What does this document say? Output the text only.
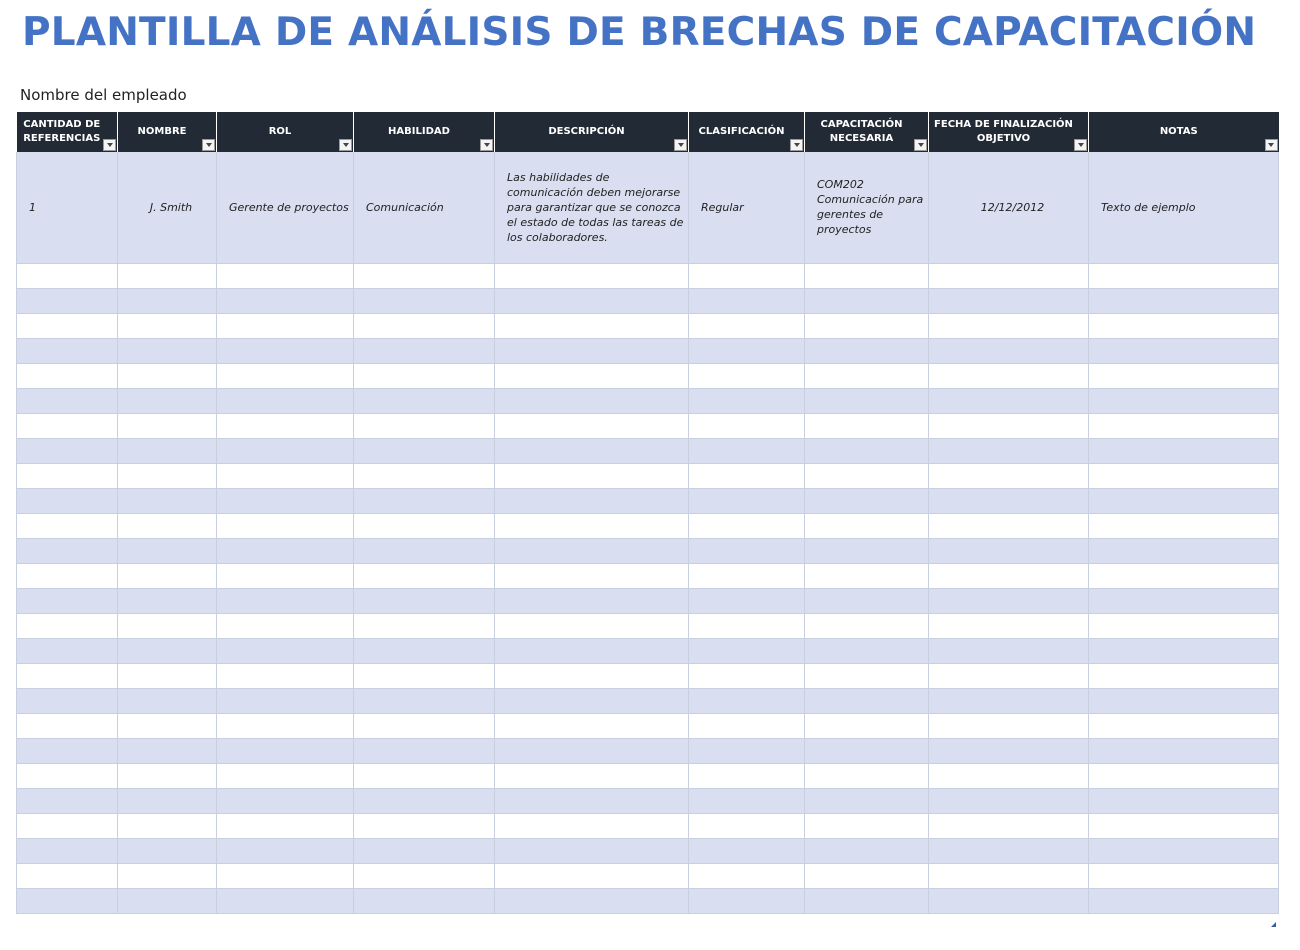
PLANTILLA DE ANÁLISIS DE BRECHAS DE CAPACITACIÓN
Nombre del empleado
CANTIDAD DE REFERENCIAS	NOMBRE	ROL	HABILIDAD	DESCRIPCIÓN	CLASIFICACIÓN	CAPACITACIÓN NECESARIA	FECHA DE FINALIZACIÓN OBJETIVO	NOTAS

1	J. Smith	Gerente de proyectos	Comunicación	Las habilidades de comunicación deben mejorarse para garantizar que se conozca el estado de todas las tareas de los colaboradores.	Regular	COM202 Comunicación para gerentes de proyectos	12/12/2012	Texto de ejemplo
